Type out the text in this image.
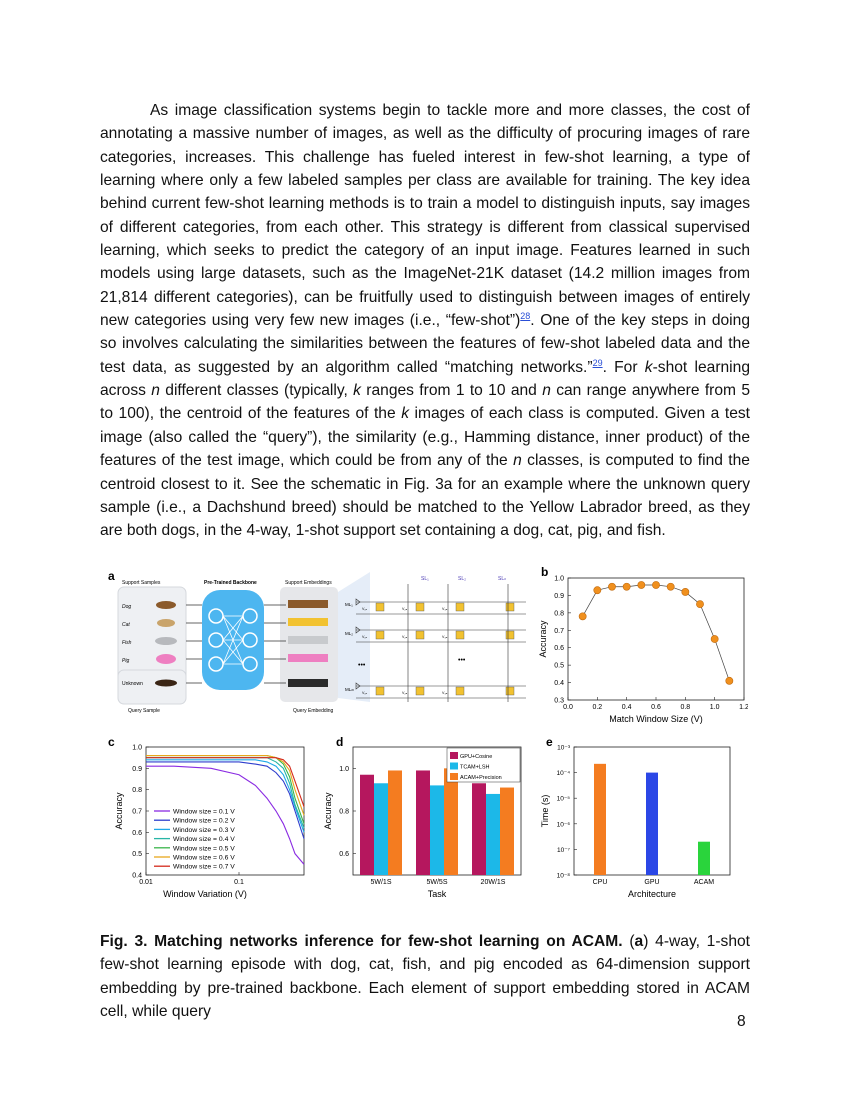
As image classification systems begin to tackle more and more classes, the cost of annotating a massive number of images, as well as the difficulty of procuring images of rare categories, increases. This challenge has fueled interest in few-shot learning, a type of learning where only a few labeled samples per class are available for training. The key idea behind current few-shot learning methods is to train a model to distinguish inputs, say images of different categories, from each other. This strategy is different from classical supervised learning, which seeks to predict the category of an input image. Features learned in such models using large datasets, such as the ImageNet-21K dataset (14.2 million images from 21,814 different categories), can be fruitfully used to distinguish between images of entirely new categories using very few new images (i.e., “few-shot”)$^{28}$. One of the key steps in doing so involves calculating the similarities between the features of few-shot labeled data and the test data, as suggested by an algorithm called “matching networks.”$^{29}$. For k-shot learning across n different classes (typically, k ranges from 1 to 10 and n can range anywhere from 5 to 100), the centroid of the features of the k images of each class is computed. Given a test image (also called the “query”), the similarity (e.g., Hamming distance, inner product) of the features of the test image, which could be from any of the n classes, is computed to find the centroid closest to it. See the schematic in Fig. 3a for an example where the unknown query sample (i.e., a Dachshund breed) should be matched to the Yellow Labrador breed, as they are both dogs, in the 4-way, 1-shot support set containing a dog, cat, pig, and fish.
a Support Samples
Dog
Cat
Fish
Pig
Unknown
Query Sample
Pre-Trained Backbone	Support Embeddings
Query Embedding
SL₁	SL₂	SLₙ
ML₁
ML₂
MLₘ
V₁ₙ	V₂ₙ	V₃ₙ
V₁ₙ	V₂ₙ	V₃ₙ
V₁ₙ	V₂ₙ	V₃ₙ
•••
•••
b
0.3
0.4
0.5
0.6
0.7
0.8
0.9
1.0
0.0	0.2	0.4	0.6	0.8	1.0	1.2
Match Window Size (V)
Accuracy
c
0.4
0.5
0.6
0.7
0.8
0.9
1.0
0.01	0.1
Window size = 0.1 V
Window size = 0.2 V
Window size = 0.3 V
Window size = 0.4 V
Window size = 0.5 V
Window size = 0.6 V
Window size = 0.7 V
Window Variation (V)
Accuracy
d
0.6
0.8
1.0
5W/1S	5W/5S	20W/1S
GPU+Cosine
TCAM+LSH
ACAM+Precision
Task
Accuracy
e
10⁻⁸
10⁻⁷
10⁻⁶
10⁻⁵
10⁻⁴
10⁻³
CPU	GPU	ACAM
Architecture
Time (s)
Fig. 3. Matching networks inference for few-shot learning on ACAM. (a) 4-way, 1-shot few-shot learning episode with dog, cat, fish, and pig encoded as 64-dimension support embedding by pre-trained backbone. Each element of support embedding stored in ACAM cell, while query
8
